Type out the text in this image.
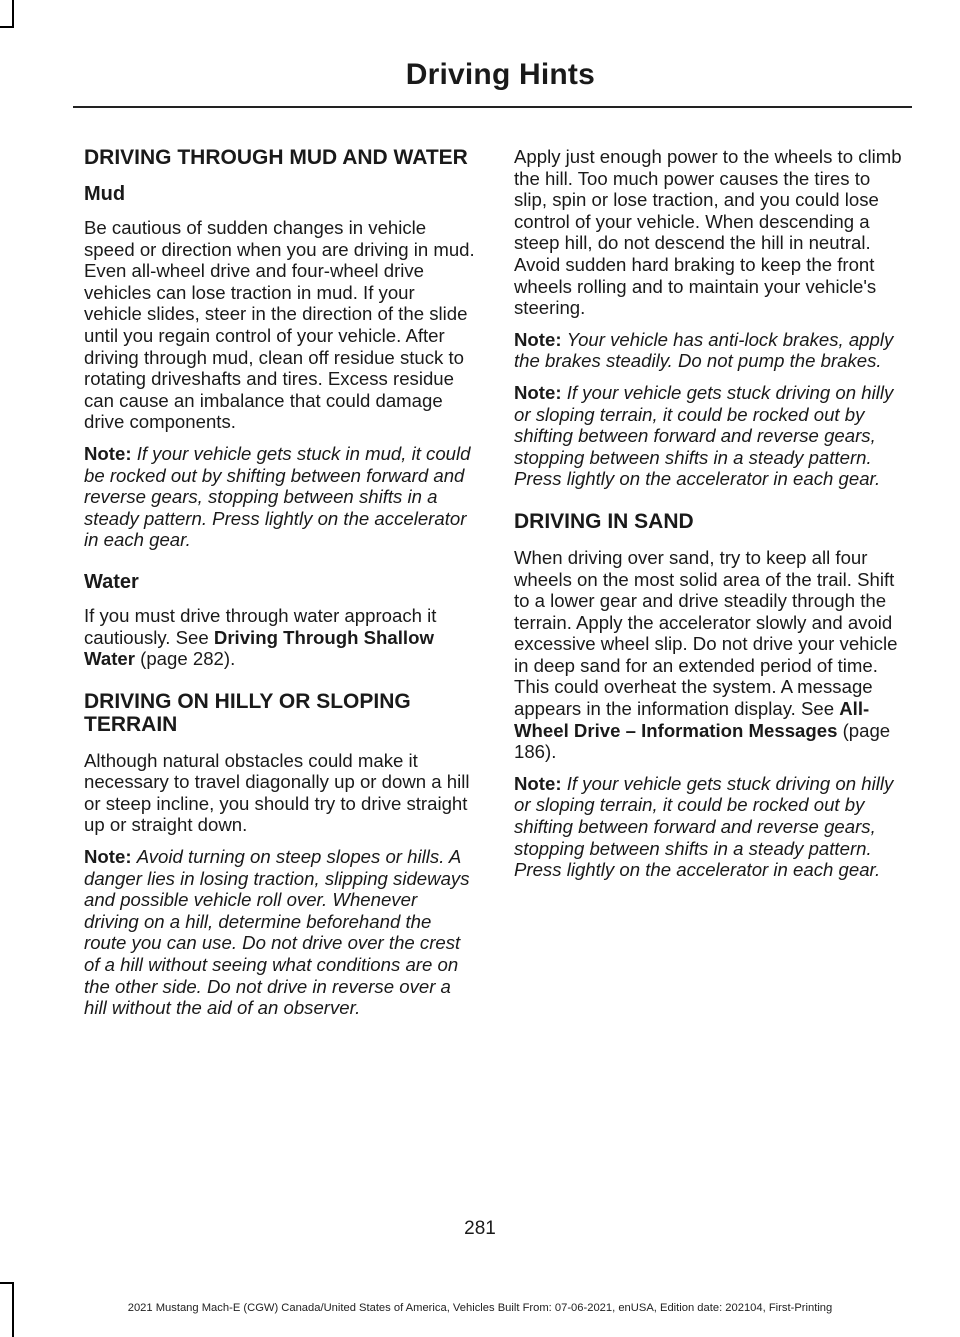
Driving Hints
DRIVING THROUGH MUD AND WATER
Mud

Be cautious of sudden changes in vehicle speed or direction when you are driving in mud. Even all-wheel drive and four-wheel drive vehicles can lose traction in mud. If your vehicle slides, steer in the direction of the slide until you regain control of your vehicle. After driving through mud, clean off residue stuck to rotating driveshafts and tires. Excess residue can cause an imbalance that could damage drive components.

Note: If your vehicle gets stuck in mud, it could be rocked out by shifting between forward and reverse gears, stopping between shifts in a steady pattern. Press lightly on the accelerator in each gear.

Water

If you must drive through water approach it cautiously. See Driving Through Shallow Water (page 282).

DRIVING ON HILLY OR SLOPING TERRAIN

Although natural obstacles could make it necessary to travel diagonally up or down a hill or steep incline, you should try to drive straight up or straight down.

Note: Avoid turning on steep slopes or hills. A danger lies in losing traction, slipping sideways and possible vehicle roll over. Whenever driving on a hill, determine beforehand the route you can use. Do not drive over the crest of a hill without seeing what conditions are on the other side. Do not drive in reverse over a hill without the aid of an observer.

Apply just enough power to the wheels to climb the hill. Too much power causes the tires to slip, spin or lose traction, and you could lose control of your vehicle. When descending a steep hill, do not descend the hill in neutral. Avoid sudden hard braking to keep the front wheels rolling and to maintain your vehicle's steering.

Note: Your vehicle has anti-lock brakes, apply the brakes steadily. Do not pump the brakes.

Note: If your vehicle gets stuck driving on hilly or sloping terrain, it could be rocked out by shifting between forward and reverse gears, stopping between shifts in a steady pattern. Press lightly on the accelerator in each gear.

DRIVING IN SAND

When driving over sand, try to keep all four wheels on the most solid area of the trail. Shift to a lower gear and drive steadily through the terrain. Apply the accelerator slowly and avoid excessive wheel slip. Do not drive your vehicle in deep sand for an extended period of time. This could overheat the system. A message appears in the information display. See All-Wheel Drive – Information Messages (page 186).

Note: If your vehicle gets stuck driving on hilly or sloping terrain, it could be rocked out by shifting between forward and reverse gears, stopping between shifts in a steady pattern. Press lightly on the accelerator in each gear.

281
2021 Mustang Mach-E (CGW) Canada/United States of America, Vehicles Built From: 07-06-2021, enUSA, Edition date: 202104, First-Printing
